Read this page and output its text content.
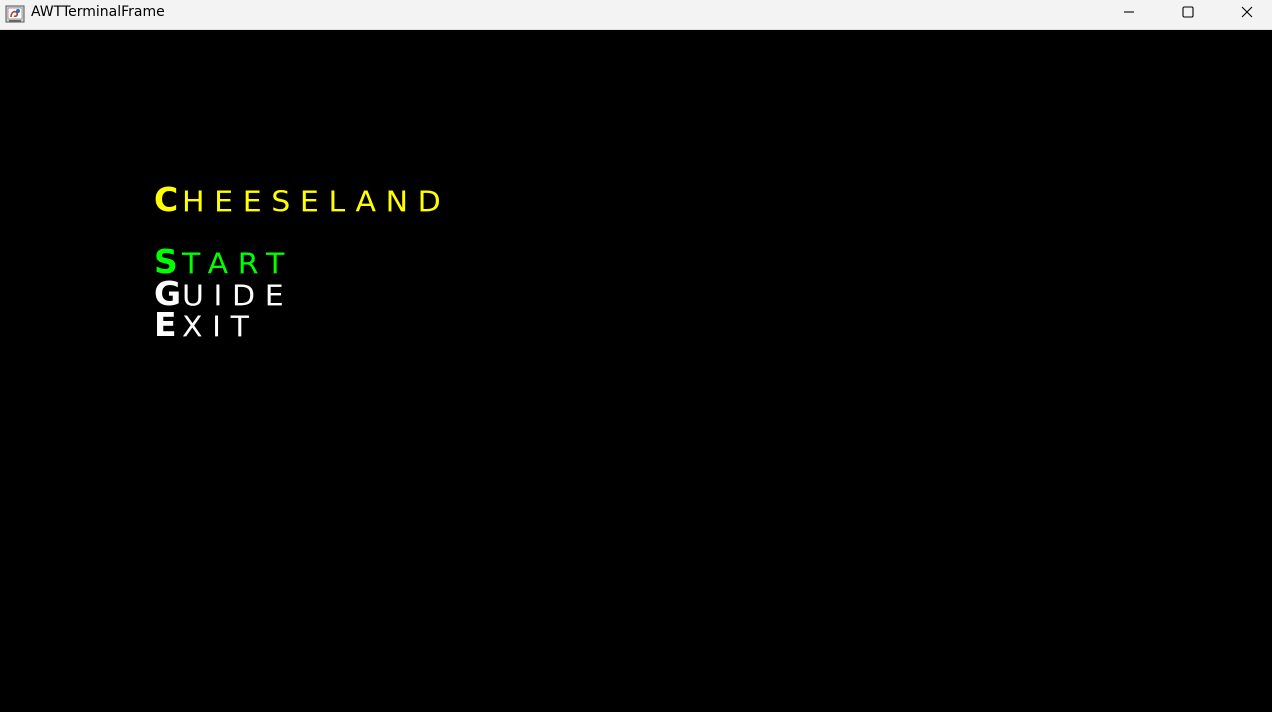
AWTTerminalFrame
C HEESELAND
S TART
GUIDE
E XIT
